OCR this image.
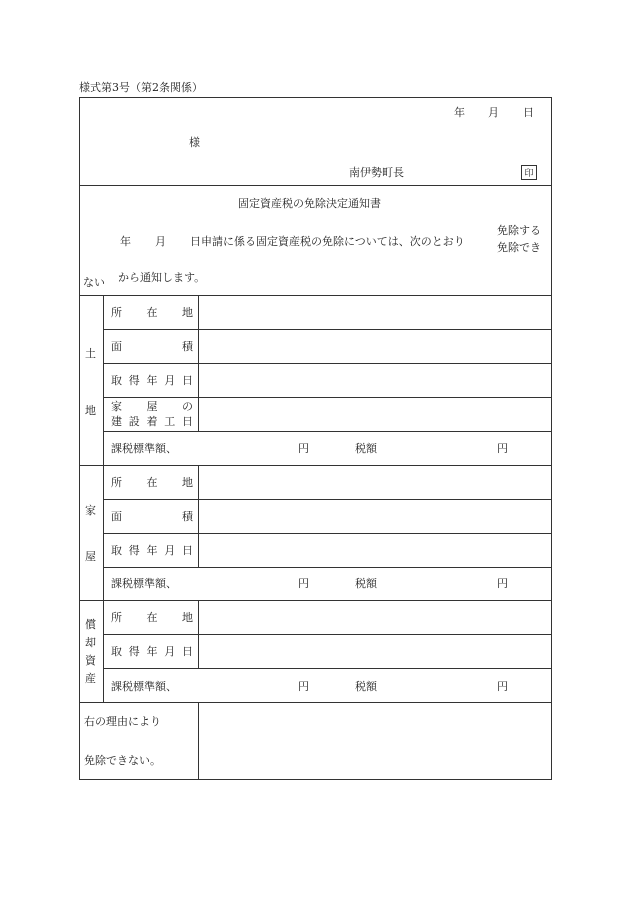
様式第3号（第2条関係）
年 月 日
様
南伊勢町長	印
固定資産税の免除決定通知書
年 月 日申請に係る固定資産税の免除については、次のとおり
免除する
免除でき
ない から通知します。
土
地
所 在 地
面	積
取 得 年 月 日
家 屋 の
建 設 着 工 日
課税標準額、	円	税額	円
家
屋
所 在 地
面	積
取 得 年 月 日
課税標準額、	円	税額	円
償
却
資
産
所 在 地
取 得 年 月 日
課税標準額、	円	税額	円
右の理由により
免除できない。
